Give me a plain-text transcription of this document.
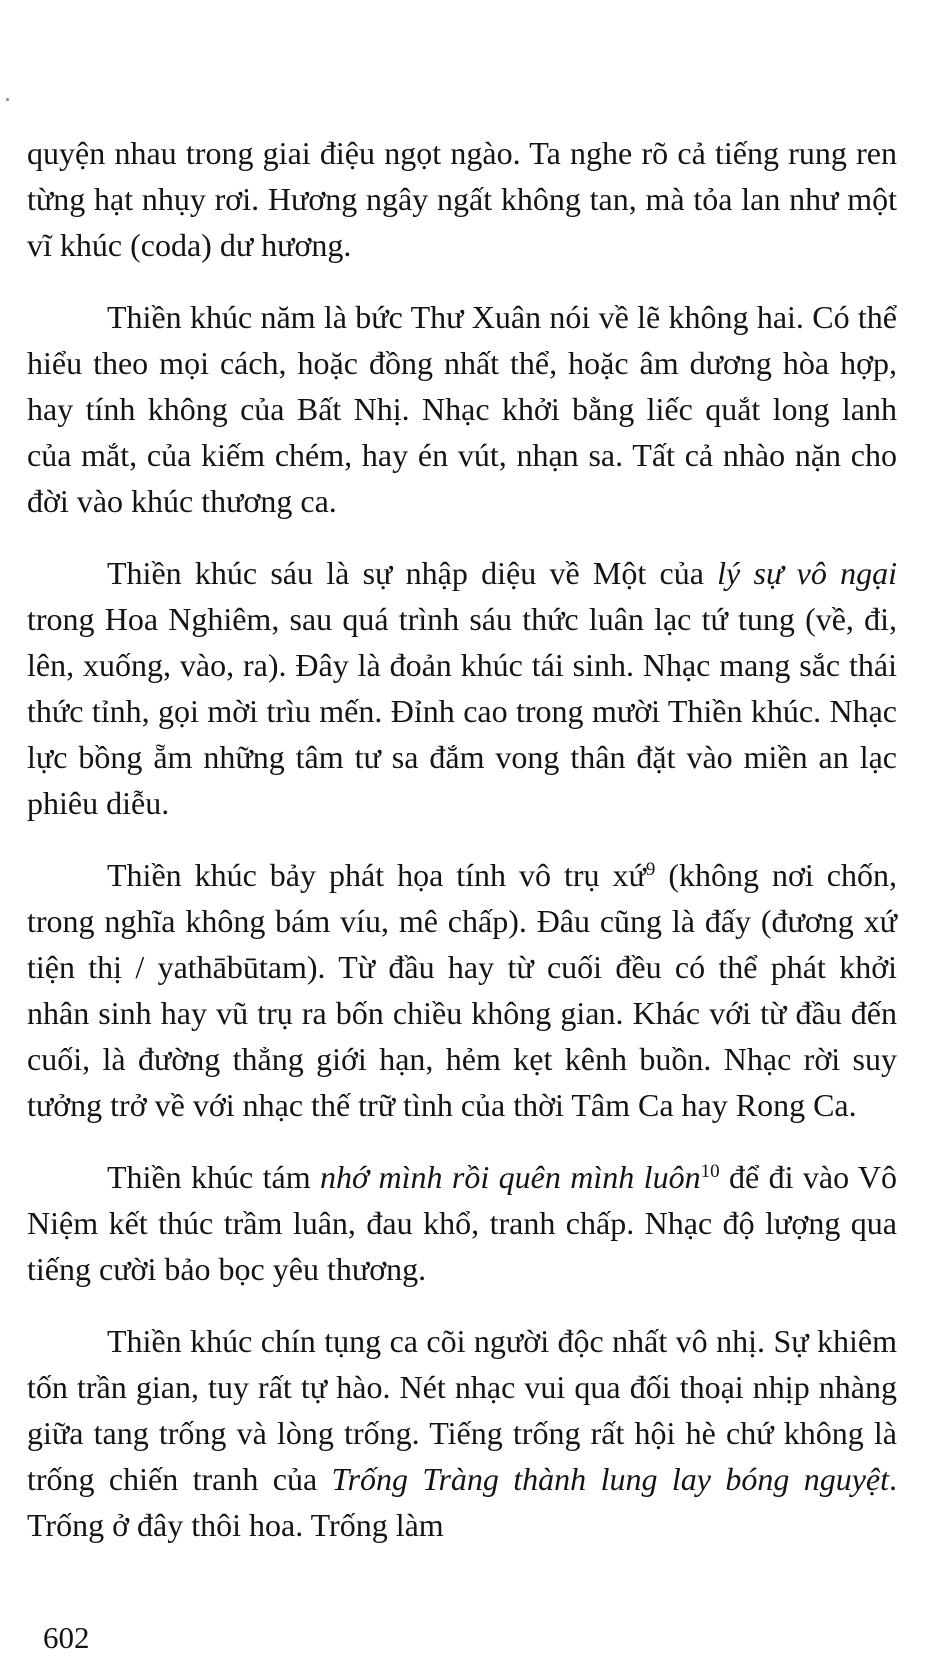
quyện nhau trong giai điệu ngọt ngào. Ta nghe rõ cả tiếng rung ren từng hạt nhụy rơi. Hương ngây ngất không tan, mà tỏa lan như một vĩ khúc (coda) dư hương.

Thiền khúc năm là bức Thư Xuân nói về lẽ không hai. Có thể hiểu theo mọi cách, hoặc đồng nhất thể, hoặc âm dương hòa hợp, hay tính không của Bất Nhị. Nhạc khởi bằng liếc quắt long lanh của mắt, của kiếm chém, hay én vút, nhạn sa. Tất cả nhào nặn cho đời vào khúc thương ca.

Thiền khúc sáu là sự nhập diệu về Một của lý sự vô ngại trong Hoa Nghiêm, sau quá trình sáu thức luân lạc tứ tung (về, đi, lên, xuống, vào, ra). Đây là đoản khúc tái sinh. Nhạc mang sắc thái thức tỉnh, gọi mời trìu mến. Đỉnh cao trong mười Thiền khúc. Nhạc lực bồng ẵm những tâm tư sa đắm vong thân đặt vào miền an lạc phiêu diễu.

Thiền khúc bảy phát họa tính vô trụ xứ$^9$ (không nơi chốn, trong nghĩa không bám víu, mê chấp). Đâu cũng là đấy (đương xứ tiện thị / yathābūtam). Từ đầu hay từ cuối đều có thể phát khởi nhân sinh hay vũ trụ ra bốn chiều không gian. Khác với từ đầu đến cuối, là đường thẳng giới hạn, hẻm kẹt kênh buồn. Nhạc rời suy tưởng trở về với nhạc thế trữ tình của thời Tâm Ca hay Rong Ca.

Thiền khúc tám nhớ mình rồi quên mình luôn$^{10}$ để đi vào Vô Niệm kết thúc trầm luân, đau khổ, tranh chấp. Nhạc độ lượng qua tiếng cười bảo bọc yêu thương.

Thiền khúc chín tụng ca cõi người độc nhất vô nhị. Sự khiêm tốn trần gian, tuy rất tự hào. Nét nhạc vui qua đối thoại nhịp nhàng giữa tang trống và lòng trống. Tiếng trống rất hội hè chứ không là trống chiến tranh của Trống Tràng thành lung lay bóng nguyệt. Trống ở đây thôi hoa. Trống làm

602
